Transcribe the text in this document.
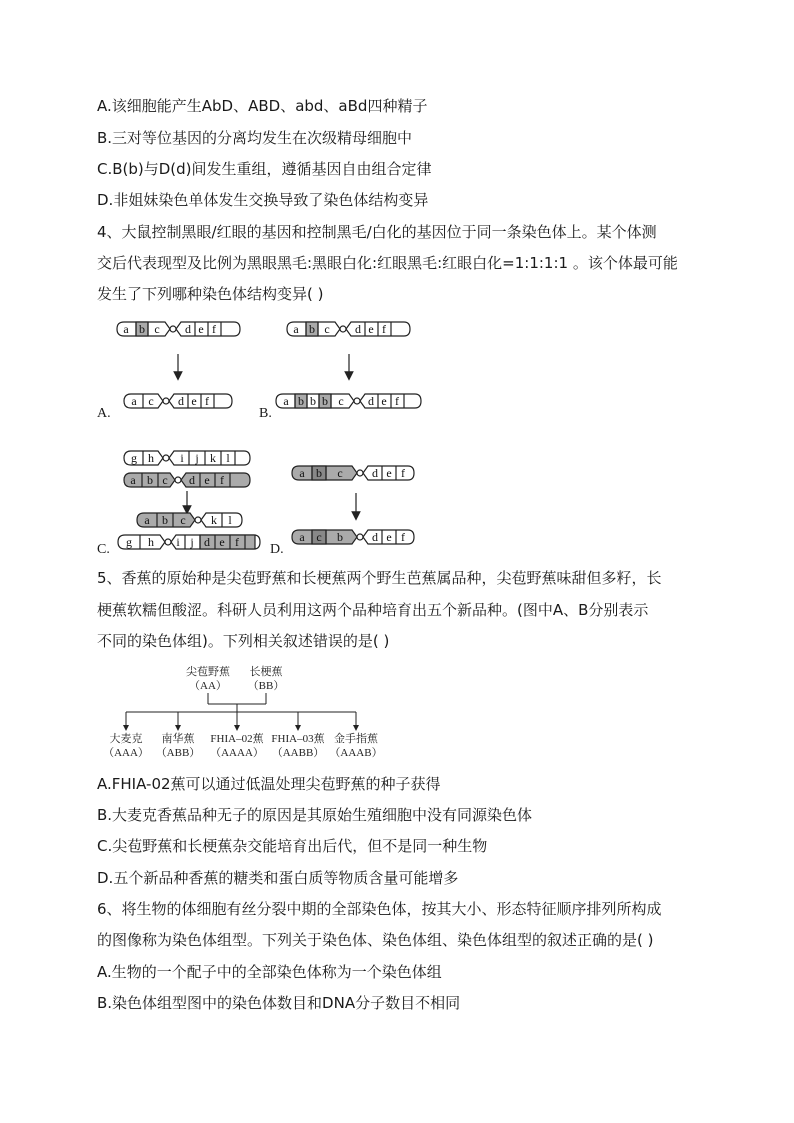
A.该细胞能产生AbD、ABD、abd、aBd四种精子
B.三对等位基因的分离均发生在次级精母细胞中
C.B(b)与D(d)间发生重组，遵循基因自由组合定律
D.非姐妹染色单体发生交换导致了染色体结构变异
4、大鼠控制黑眼/红眼的基因和控制黑毛/白化的基因位于同一条染色体上。某个体测
交后代表现型及比例为黑眼黑毛:黑眼白化:红眼黑毛:红眼白化=1:1:1:1 。该个体最可能
发生了下列哪种染色体结构变异( )
a b c d e f
a c d e f
a b c d e f
a b b b c d e f
g h i j k l
a b c d e f
a b c k l
g h i j d e f
a b c d e f
a c b d e f
A.	B.
C.	D.
5、香蕉的原始种是尖苞野蕉和长梗蕉两个野生芭蕉属品种，尖苞野蕉味甜但多籽，长
梗蕉软糯但酸涩。科研人员利用这两个品种培育出五个新品种。(图中A、B分别表示
不同的染色体组)。下列相关叙述错误的是( )
尖苞野蕉
（AA）
长梗蕉
（BB）
大麦克
（AAA）
南华蕉
（ABB）
FHIA–02蕉
（AAAA）
FHIA–03蕉
（AABB）
金手指蕉
（AAAB）
A.FHIA-02蕉可以通过低温处理尖苞野蕉的种子获得
B.大麦克香蕉品种无子的原因是其原始生殖细胞中没有同源染色体
C.尖苞野蕉和长梗蕉杂交能培育出后代，但不是同一种生物
D.五个新品种香蕉的糖类和蛋白质等物质含量可能增多
6、将生物的体细胞有丝分裂中期的全部染色体，按其大小、形态特征顺序排列所构成
的图像称为染色体组型。下列关于染色体、染色体组、染色体组型的叙述正确的是( )
A.生物的一个配子中的全部染色体称为一个染色体组
B.染色体组型图中的染色体数目和DNA分子数目不相同
